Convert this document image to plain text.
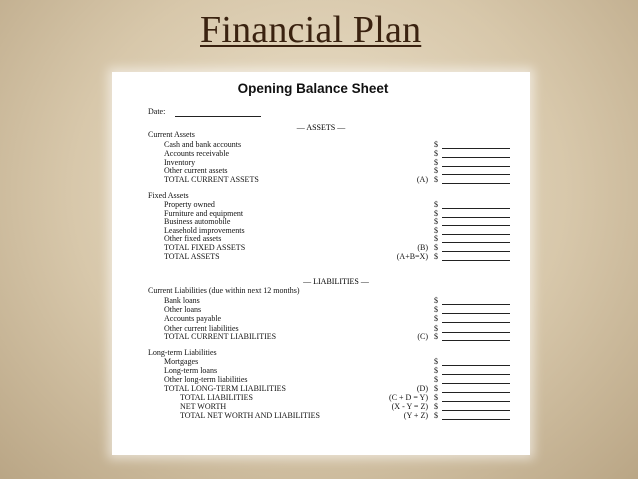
Financial Plan
Opening Balance Sheet
Date:
— ASSETS —
Current Assets
Cash and bank accounts	$
Accounts receivable	$
Inventory	$
Other current assets	$
TOTAL CURRENT ASSETS	(A) $
Fixed Assets
Property owned	$
Furniture and equipment	$
Business automobile	$
Leasehold improvements	$
Other fixed assets	$
TOTAL FIXED ASSETS	(B) $
TOTAL ASSETS	(A+B=X) $
Current Liabilities (due within next 12 months)
Bank loans	$
Other loans	$
Accounts payable	$
Other current liabilities	$
TOTAL CURRENT LIABILITIES	(C) $
Long-term Liabilities
Mortgages	$
Long-term loans	$
Other long-term liabilities	$
TOTAL LONG-TERM LIABILITIES	(D) $
TOTAL LIABILITIES	(C + D = Y) $
NET WORTH	(X - Y = Z) $
TOTAL NET WORTH AND LIABILITIES	(Y + Z) $
— LIABILITIES —
